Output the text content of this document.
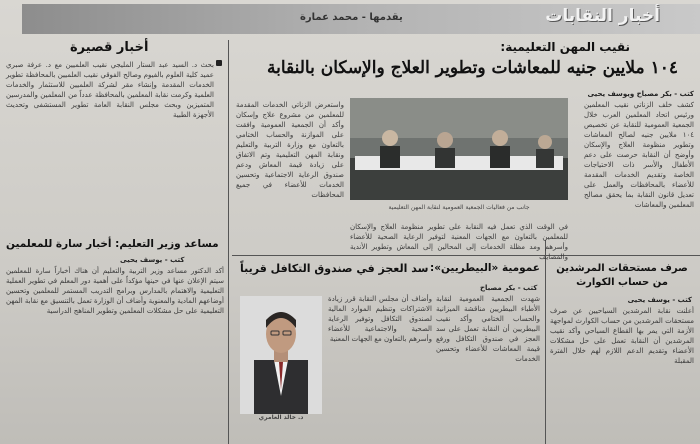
أخبار النقابات
يقدمها - محمد عمارة
نقيب المهن التعليمية:
١٠٤ ملايين جنيه للمعاشات وتطوير العلاج والإسكان بالنقابة
كتب - بكر مصباح ويوسف يحيى
كشف خلف الزناتي نقيب المعلمين ورئيس اتحاد المعلمين العرب خلال الجمعية العمومية للنقابة عن تخصيص ١٠٤ ملايين جنيه لصالح المعاشات وتطوير منظومة العلاج والإسكان وأوضح أن النقابة حرصت على دعم الأطفال والأسر ذات الاحتياجات الخاصة وتقديم الخدمات المقدمة للأعضاء بالمحافظات والعمل على تعديل قانون النقابة بما يحقق مصالح المعلمين والمعاشات
جانب من فعاليات الجمعية العمومية لنقابة المهن التعليمية
واستعرض الزناتي الخدمات المقدمة للمعلمين من مشروع علاج وإسكان وأكد أن الجمعية العمومية وافقت على الموازنة والحساب الختامي بالتعاون مع وزارة التربية والتعليم ونقابة المهن التعليمية وتم الاتفاق على زيادة قيمة المعاش ودعم صندوق الرعاية الاجتماعية وتحسين الخدمات للأعضاء في جميع المحافظات
في الوقت الذي تعمل فيه النقابة على تطوير منظومة العلاج والإسكان للمعلمين بالتعاون مع الجهات المعنية لتوفير الرعاية الصحية للأعضاء وأسرهم ومد مظلة الخدمات إلى المحالين إلى المعاش وتطوير الأندية والمصايف
أخبار قصيرة
بحث د. السيد عبد الستار المليجي نقيب العلميين مع د. عرفة صبري عميد كلية العلوم بالفيوم وصالح الفوقي نقيب العلميين بالمحافظة تطوير الخدمات المقدمة وإنشاء مقر لشركة العلميين للاستثمار والخدمات العلمية وكرمت نقابة المعلمين بالمحافظة عدداً من المعلمين والمدرسين المتميزين وبحث مجلس النقابة العامة تطوير المستشفى وتحديث الأجهزة الطبية
مساعد وزير التعليم: أخبار سارة للمعلمين
كتب - يوسف يحيى
أكد الدكتور مساعد وزير التربية والتعليم أن هناك أخباراً سارة للمعلمين سيتم الإعلان عنها في حينها مؤكداً على أهمية دور المعلم في تطوير العملية التعليمية والاهتمام بالمدارس وبرامج التدريب المستمر للمعلمين وتحسين أوضاعهم المادية والمعنوية وأضاف أن الوزارة تعمل بالتنسيق مع نقابة المهن التعليمية على حل مشكلات المعلمين وتطوير المناهج الدراسية
عمومية «البيطريين»:
سد العجز في صندوق التكافل قريباً
كتب - بكر مصباح
د. خالد العامري
شهدت الجمعية العمومية لنقابة الأطباء البيطريين مناقشة الميزانية والحساب الختامي وأكد نقيب البيطريين أن النقابة تعمل على سد العجز في صندوق التكافل ورفع قيمة المعاشات للأعضاء وتحسين الخدمات
وأضاف أن مجلس النقابة قرر زيادة الاشتراكات وتنظيم الموارد المالية لصندوق التكافل وتوفير الرعاية الصحية والاجتماعية للأعضاء وأسرهم بالتعاون مع الجهات المعنية
صرف مستحقات المرشدين من حساب الكوارث
كتب - يوسف يحيى
أعلنت نقابة المرشدين السياحيين عن صرف مستحقات المرشدين من حساب الكوارث لمواجهة الأزمة التي يمر بها القطاع السياحي وأكد نقيب المرشدين أن النقابة تعمل على حل مشكلات الأعضاء وتقديم الدعم اللازم لهم خلال الفترة المقبلة
